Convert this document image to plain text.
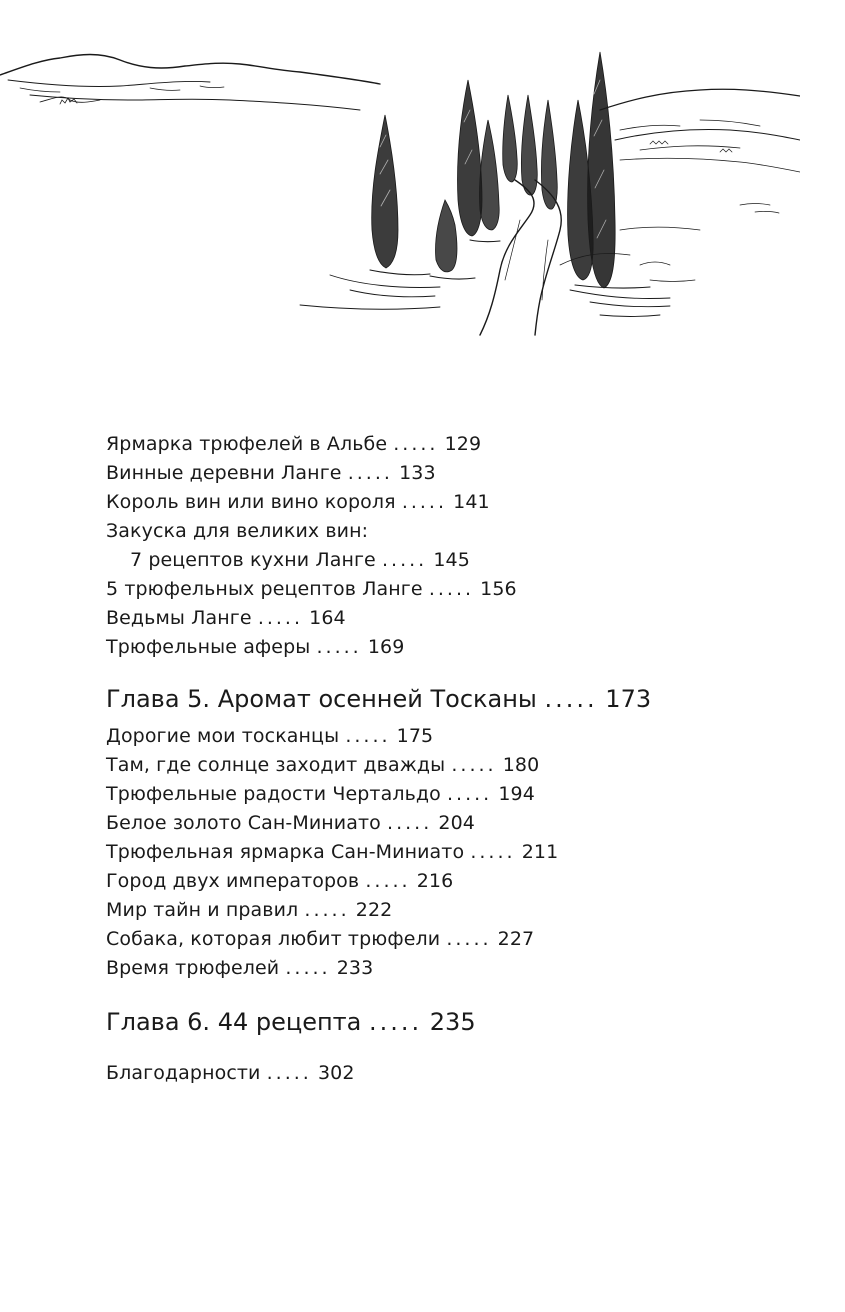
Ярмарка трюфелей в Альбе ..... 129
Винные деревни Ланге ..... 133
Король вин или вино короля ..... 141
Закуска для великих вин:
7 рецептов кухни Ланге ..... 145
5 трюфельных рецептов Ланге ..... 156
Ведьмы Ланге ..... 164
Трюфельные аферы ..... 169
Глава 5. Аромат осенней Тосканы ..... 173
Дорогие мои тосканцы ..... 175
Там, где солнце заходит дважды ..... 180
Трюфельные радости Чертальдо ..... 194
Белое золото Сан-Миниато ..... 204
Трюфельная ярмарка Сан-Миниато ..... 211
Город двух императоров ..... 216
Мир тайн и правил ..... 222
Собака, которая любит трюфели ..... 227
Время трюфелей ..... 233
Глава 6. 44 рецепта ..... 235
Благодарности ..... 302
